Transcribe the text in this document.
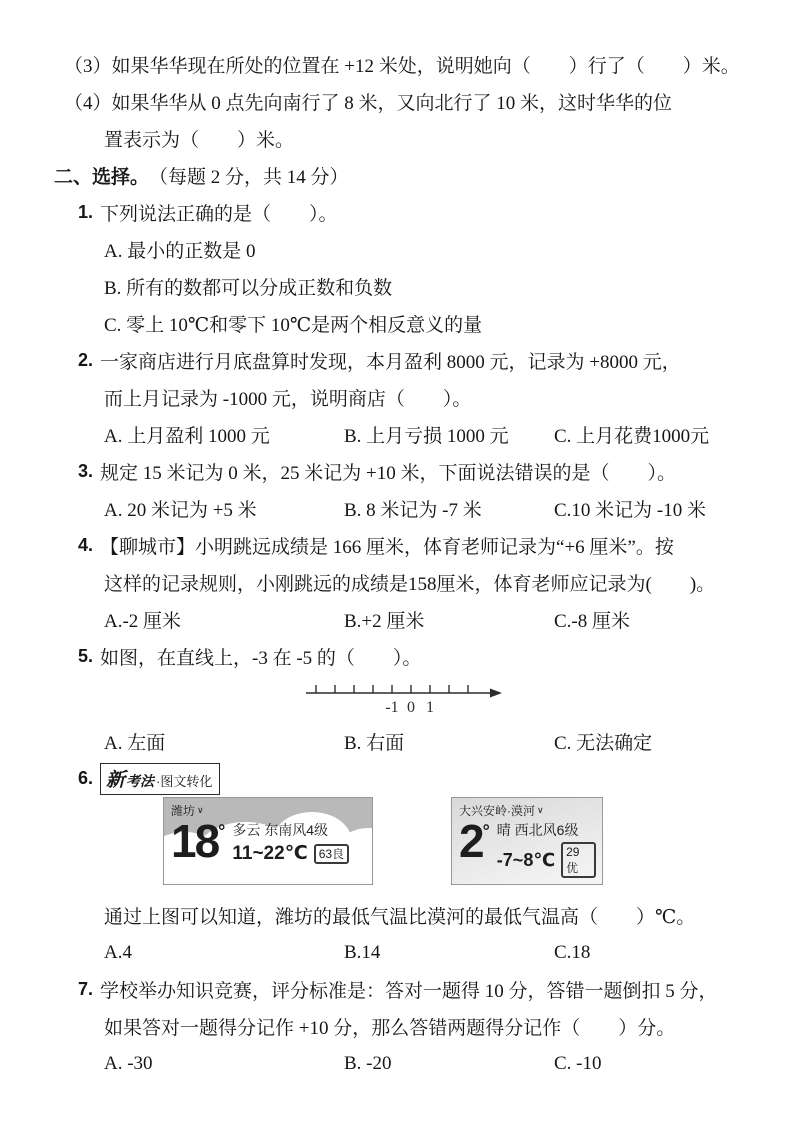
（3） 如果华华现在所处的位置在 +12 米处，说明她向（　　）行了（　　）米。
（4） 如果华华从 0 点先向南行了 8 米，又向北行了 10 米，这时华华的位
置表示为（　　）米。
二、选择。 （每题 2 分，共 14 分）
1. 下列说法正确的是（　　）。
A. 最小的正数是 0
B. 所有的数都可以分成正数和负数
C. 零上 10℃和零下 10℃是两个相反意义的量
2. 一家商店进行月底盘算时发现，本月盈利 8000 元，记录为 +8000 元，
而上月记录为 -1000 元，说明商店（　　）。
A. 上月盈利 1000 元	B. 上月亏损 1000 元	C. 上月花费1000元
3. 规定 15 米记为 0 米，25 米记为 +10 米，下面说法错误的是（　　）。
A. 20 米记为 +5 米	B. 8 米记为 -7 米	C.10 米记为 -10 米
4. 【聊城市】小明跳远成绩是 166 厘米，体育老师记录为“+6 厘米”。按
这样的记录规则，小刚跳远的成绩是158厘米，体育老师应记录为(　　)。
A.-2 厘米	B.+2 厘米	C.-8 厘米
5. 如图，在直线上，-3 在 -5 的（　　）。
-1 0 1
A. 左面	B. 右面	C. 无法确定
6. 新 考法 ·图文转化
潍坊 ∨
18 ° 多云 东南风4级
11~22℃ 63良
大兴安岭·漠河 ∨
2 ° 晴 西北风6级
-7~8℃ 29优
通过上图可以知道，潍坊的最低气温比漠河的最低气温高（　　）℃。
A.4	B.14	C.18
7. 学校举办知识竞赛，评分标准是：答对一题得 10 分，答错一题倒扣 5 分，
如果答对一题得分记作 +10 分，那么答错两题得分记作（　　）分。
A. -30	B. -20	C. -10
